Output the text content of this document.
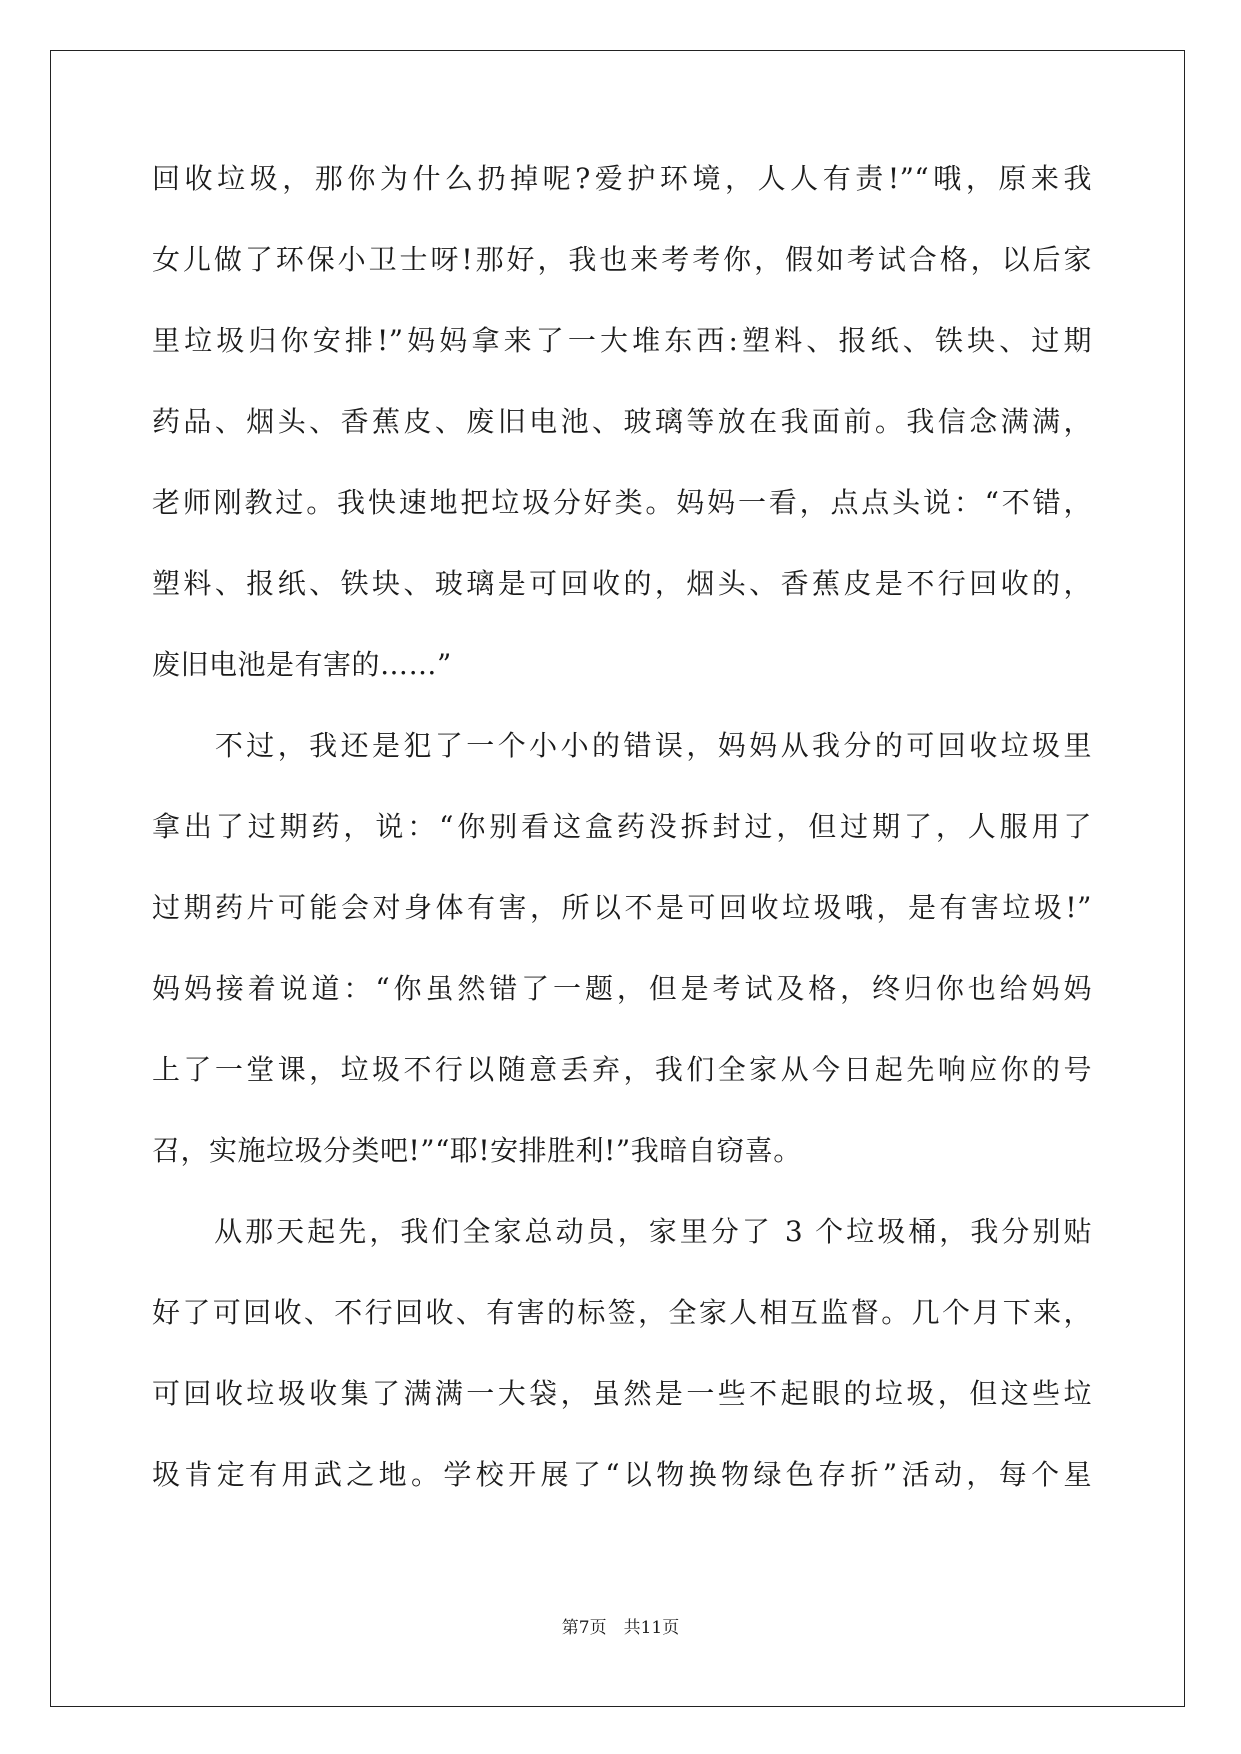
回收垃圾，那你为什么扔掉呢?爱护环境，人人有责!”“哦，原来我
女儿做了环保小卫士呀!那好，我也来考考你，假如考试合格，以后家
里垃圾归你安排!”妈妈拿来了一大堆东西:塑料、报纸、铁块、过期
药品、烟头、香蕉皮、废旧电池、玻璃等放在我面前。我信念满满，
老师刚教过。我快速地把垃圾分好类。妈妈一看，点点头说：“不错，
塑料、报纸、铁块、玻璃是可回收的，烟头、香蕉皮是不行回收的，
废旧电池是有害的……”
　　不过，我还是犯了一个小小的错误，妈妈从我分的可回收垃圾里
拿出了过期药，说：“你别看这盒药没拆封过，但过期了，人服用了
过期药片可能会对身体有害，所以不是可回收垃圾哦，是有害垃圾!”
妈妈接着说道：“你虽然错了一题，但是考试及格，终归你也给妈妈
上了一堂课，垃圾不行以随意丢弃，我们全家从今日起先响应你的号
召，实施垃圾分类吧!”“耶!安排胜利!”我暗自窃喜。
　　从那天起先，我们全家总动员，家里分了 3 个垃圾桶，我分别贴
好了可回收、不行回收、有害的标签，全家人相互监督。几个月下来，
可回收垃圾收集了满满一大袋，虽然是一些不起眼的垃圾，但这些垃
圾肯定有用武之地。学校开展了“以物换物绿色存折”活动，每个星
第7页　共11页
